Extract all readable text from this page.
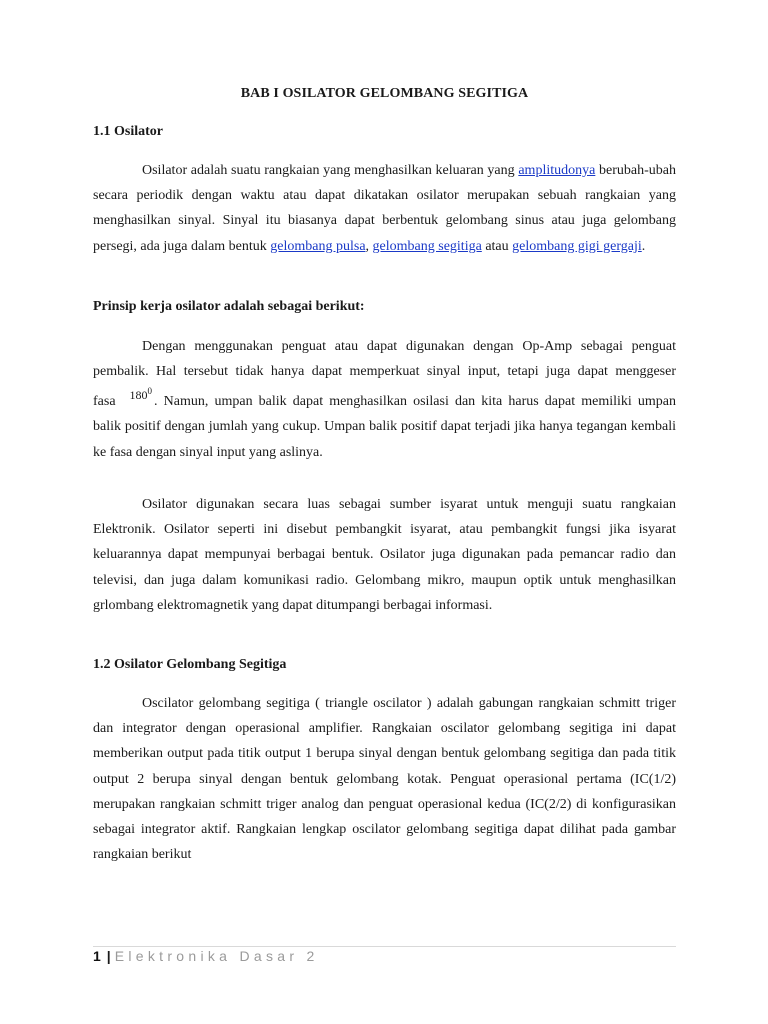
BAB I OSILATOR GELOMBANG SEGITIGA
1.1 Osilator

Osilator adalah suatu rangkaian yang menghasilkan keluaran yang amplitudonya berubah-ubah secara periodik dengan waktu atau dapat dikatakan osilator merupakan sebuah rangkaian yang menghasilkan sinyal. Sinyal itu biasanya dapat berbentuk gelombang sinus atau juga gelombang persegi, ada juga dalam bentuk gelombang pulsa, gelombang segitiga atau gelombang gigi gergaji.

Prinsip kerja osilator adalah sebagai berikut:

Dengan menggunakan penguat atau dapat digunakan dengan Op-Amp sebagai penguat pembalik. Hal tersebut tidak hanya dapat memperkuat sinyal input, tetapi juga dapat menggeser fasa $180^0$. Namun, umpan balik dapat menghasilkan osilasi dan kita harus dapat memiliki umpan balik positif dengan jumlah yang cukup. Umpan balik positif dapat terjadi jika hanya tegangan kembali ke fasa dengan sinyal input yang aslinya.

Osilator digunakan secara luas sebagai sumber isyarat untuk menguji suatu rangkaian Elektronik. Osilator seperti ini disebut pembangkit isyarat, atau pembangkit fungsi jika isyarat keluarannya dapat mempunyai berbagai bentuk. Osilator juga digunakan pada pemancar radio dan televisi, dan juga dalam komunikasi radio. Gelombang mikro, maupun optik untuk menghasilkan grlombang elektromagnetik yang dapat ditumpangi berbagai informasi.

1.2 Osilator Gelombang Segitiga

Oscilator gelombang segitiga ( triangle oscilator ) adalah gabungan rangkaian schmitt triger dan integrator dengan operasional amplifier. Rangkaian oscilator gelombang segitiga ini dapat memberikan output pada titik output 1 berupa sinyal dengan bentuk gelombang segitiga dan pada titik output 2 berupa sinyal dengan bentuk gelombang kotak. Penguat operasional pertama (IC(1/2) merupakan rangkaian schmitt triger analog dan penguat operasional kedua (IC(2/2) di konfigurasikan sebagai integrator aktif. Rangkaian lengkap oscilator gelombang segitiga dapat dilihat pada gambar rangkaian berikut

1 | Elektronika Dasar 2
